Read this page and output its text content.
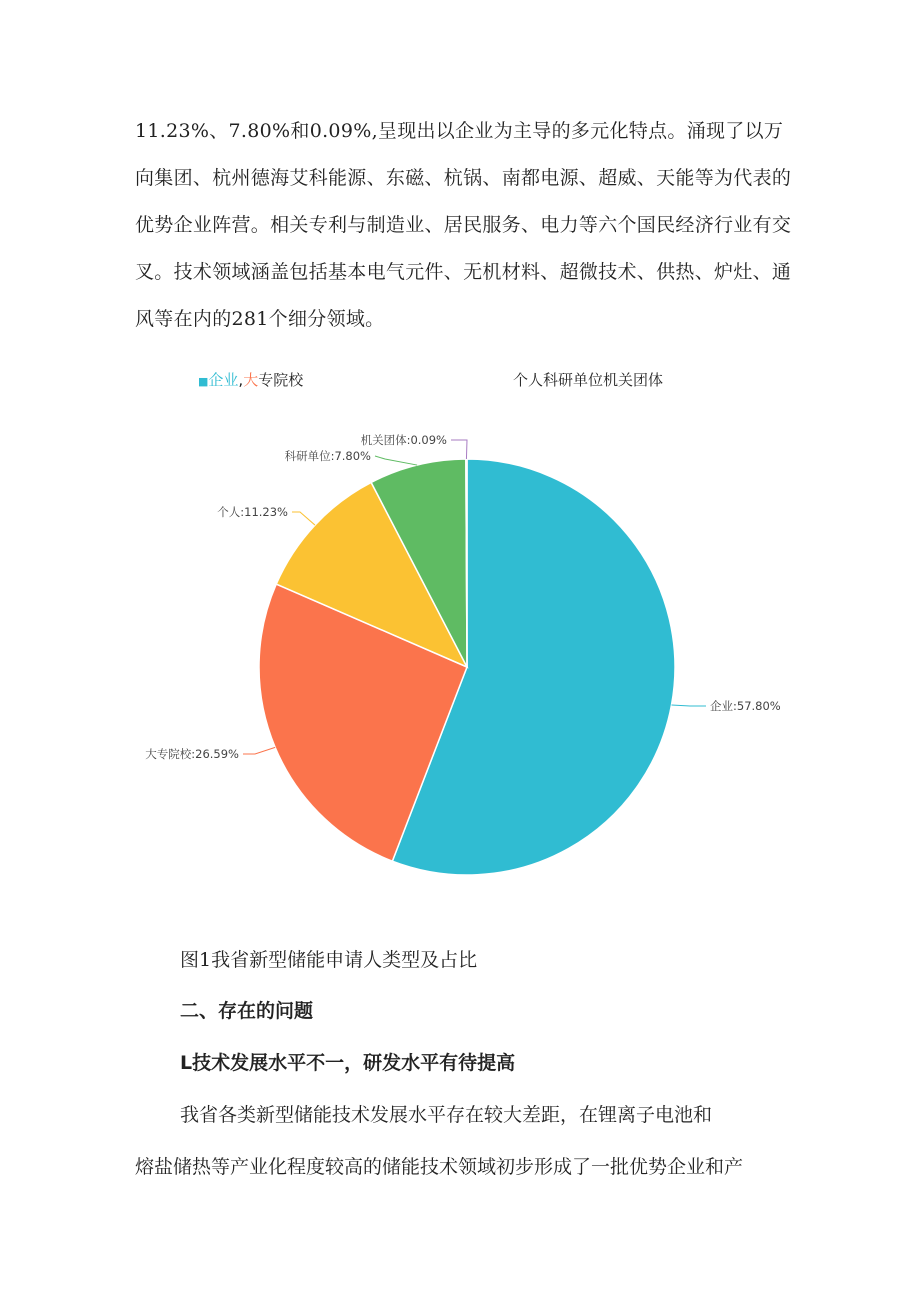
11.23%、7.80%和0.09%,呈现出以企业为主导的多元化特点。涌现了以万向集团、杭州德海艾科能源、东磁、杭锅、南都电源、超威、天能等为代表的优势企业阵营。相关专利与制造业、居民服务、电力等六个国民经济行业有交叉。技术领域涵盖包括基本电气元件、无机材料、超微技术、供热、炉灶、通风等在内的281个细分领域。

■企业,大专院校	个人科研单位机关团体
企业:57.80%
大专院校:26.59%
个人:11.23%
科研单位:7.80%
机关团体:0.09%

图1我省新型储能申请人类型及占比

二、存在的问题

L技术发展水平不一，研发水平有待提高

我省各类新型储能技术发展水平存在较大差距，在锂离子电池和

熔盐储热等产业化程度较高的储能技术领域初步形成了一批优势企业和产
